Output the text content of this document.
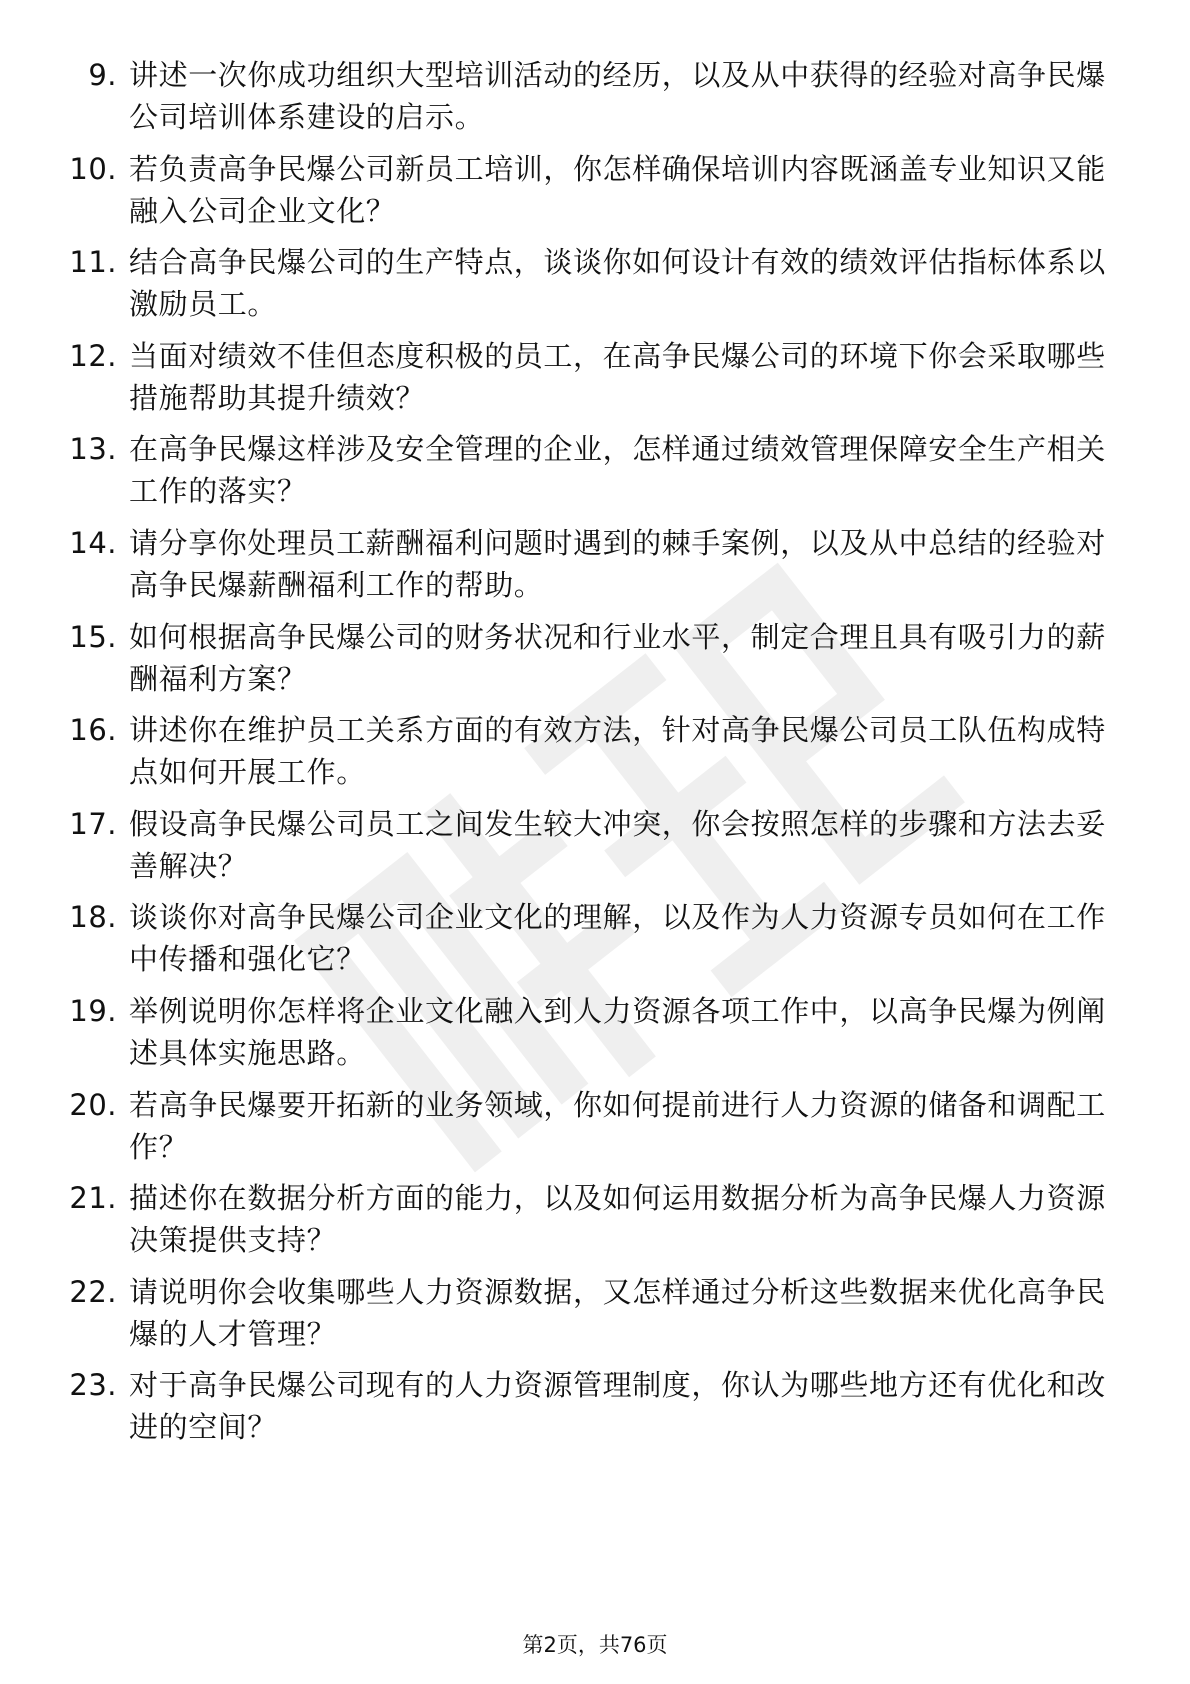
9. 讲述一次你成功组织大型培训活动的经历，以及从中获得的经验对高争民爆公司培训体系建设的启示。
10. 若负责高争民爆公司新员工培训，你怎样确保培训内容既涵盖专业知识又能融入公司企业文化？
11. 结合高争民爆公司的生产特点，谈谈你如何设计有效的绩效评估指标体系以激励员工。
12. 当面对绩效不佳但态度积极的员工，在高争民爆公司的环境下你会采取哪些措施帮助其提升绩效？
13. 在高争民爆这样涉及安全管理的企业，怎样通过绩效管理保障安全生产相关工作的落实？
14. 请分享你处理员工薪酬福利问题时遇到的棘手案例，以及从中总结的经验对高争民爆薪酬福利工作的帮助。
15. 如何根据高争民爆公司的财务状况和行业水平，制定合理且具有吸引力的薪酬福利方案？
16. 讲述你在维护员工关系方面的有效方法，针对高争民爆公司员工队伍构成特点如何开展工作。
17. 假设高争民爆公司员工之间发生较大冲突，你会按照怎样的步骤和方法去妥善解决？
18. 谈谈你对高争民爆公司企业文化的理解，以及作为人力资源专员如何在工作中传播和强化它？
19. 举例说明你怎样将企业文化融入到人力资源各项工作中，以高争民爆为例阐述具体实施思路。
20. 若高争民爆要开拓新的业务领域，你如何提前进行人力资源的储备和调配工作？
21. 描述你在数据分析方面的能力，以及如何运用数据分析为高争民爆人力资源决策提供支持？
22. 请说明你会收集哪些人力资源数据，又怎样通过分析这些数据来优化高争民爆的人才管理？
23. 对于高争民爆公司现有的人力资源管理制度，你认为哪些地方还有优化和改进的空间？
第2页，共76页
